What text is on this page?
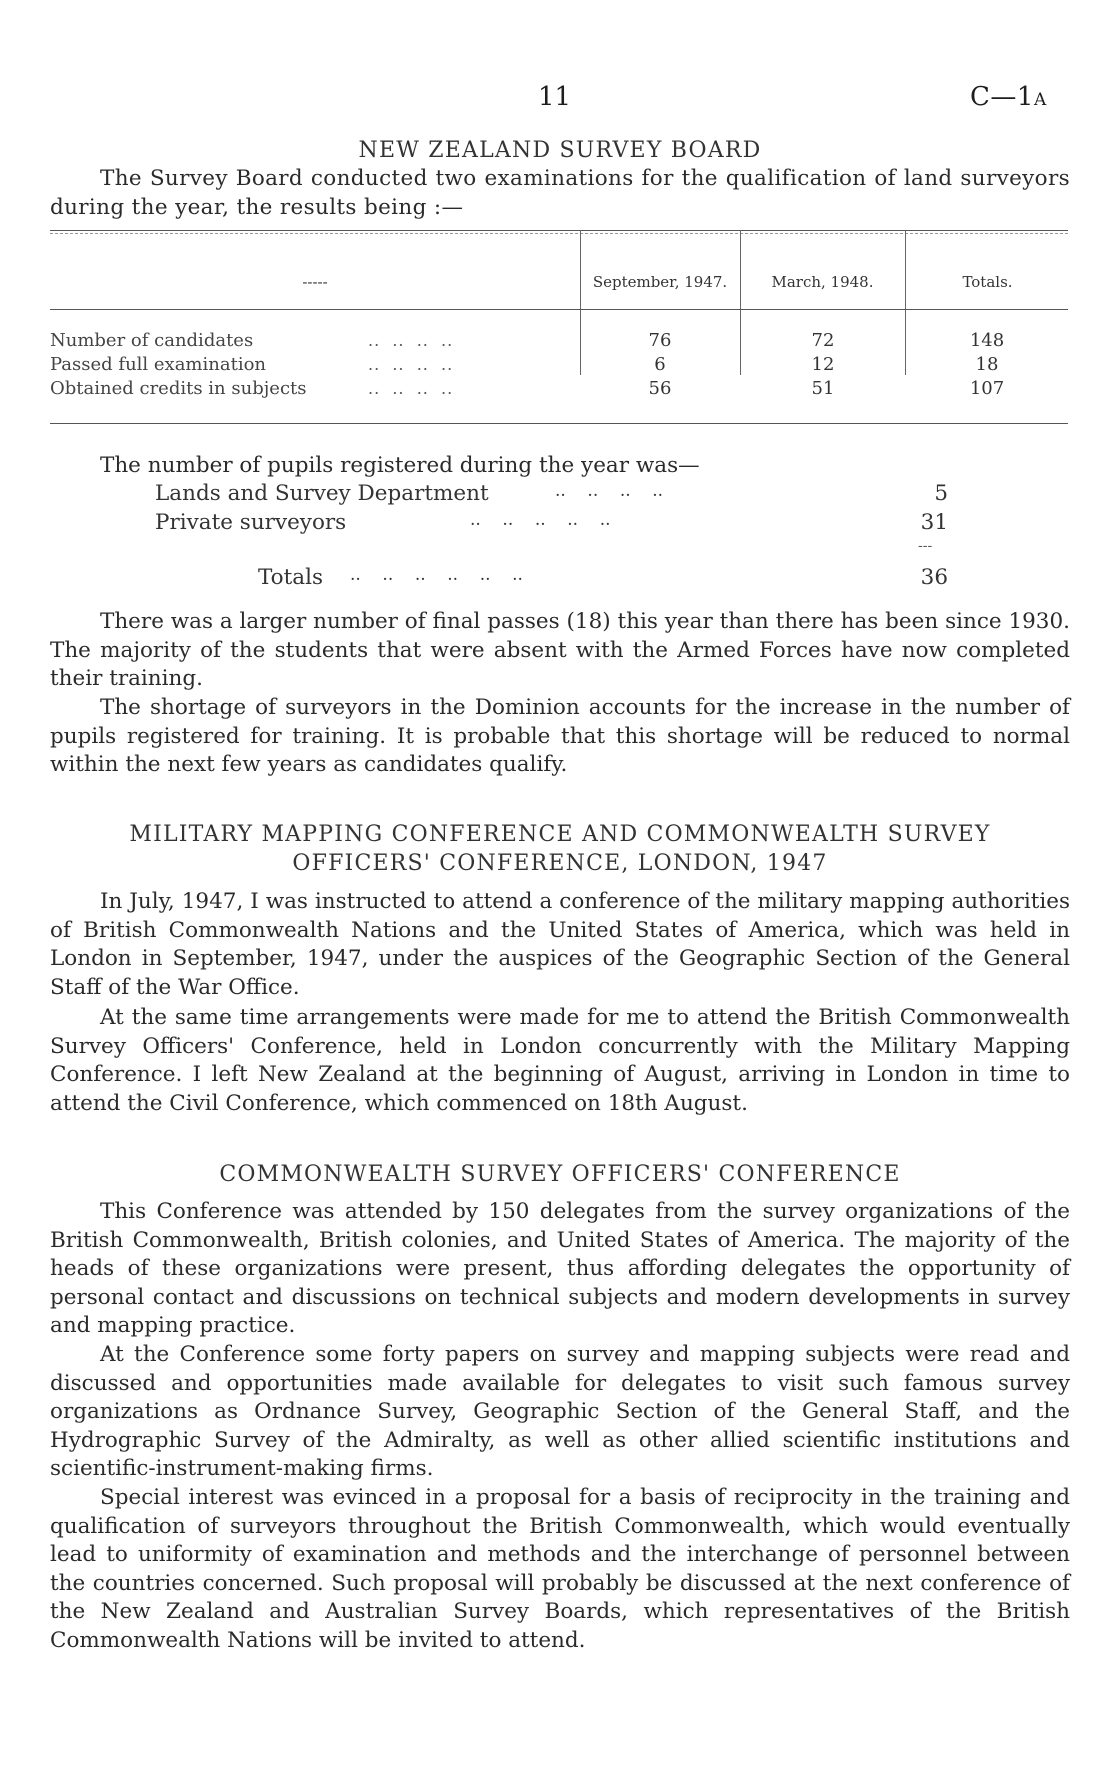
11	C—1A
NEW ZEALAND SURVEY BOARD

The Survey Board conducted two examinations for the qualification of land surveyors during the year, the results being :—

-----	September, 1947.	March, 1948.	Totals.
Number of candidates	..  ..  ..  ..	76	72	148
Passed full examination	..  ..  ..  ..	6	12	18
Obtained credits in subjects	..  ..  ..  ..	56	51	107

The number of pupils registered during the year was—

Lands and Survey Department	..    ..    ..    ..	5
Private surveyors	..    ..    ..    ..    ..	31
---
Totals ..    ..    ..    ..    ..    ..	36

There was a larger number of final passes (18) this year than there has been since 1930. The majority of the students that were absent with the Armed Forces have now completed their training.

The shortage of surveyors in the Dominion accounts for the increase in the number of pupils registered for training. It is probable that this shortage will be reduced to normal within the next few years as candidates qualify.

MILITARY MAPPING CONFERENCE AND COMMONWEALTH SURVEY
OFFICERS' CONFERENCE, LONDON, 1947

In July, 1947, I was instructed to attend a conference of the military mapping authorities of British Commonwealth Nations and the United States of America, which was held in London in September, 1947, under the auspices of the Geographic Section of the General Staff of the War Office.

At the same time arrangements were made for me to attend the British Commonwealth Survey Officers' Conference, held in London concurrently with the Military Mapping Conference. I left New Zealand at the beginning of August, arriving in London in time to attend the Civil Conference, which commenced on 18th August.

COMMONWEALTH SURVEY OFFICERS' CONFERENCE

This Conference was attended by 150 delegates from the survey organizations of the British Commonwealth, British colonies, and United States of America. The majority of the heads of these organizations were present, thus affording delegates the opportunity of personal contact and discussions on technical subjects and modern developments in survey and mapping practice.

At the Conference some forty papers on survey and mapping subjects were read and discussed and opportunities made available for delegates to visit such famous survey organizations as Ordnance Survey, Geographic Section of the General Staff, and the Hydrographic Survey of the Admiralty, as well as other allied scientific institutions and scientific-instrument-making firms.

Special interest was evinced in a proposal for a basis of reciprocity in the training and qualification of surveyors throughout the British Commonwealth, which would eventually lead to uniformity of examination and methods and the interchange of personnel between the countries concerned. Such proposal will probably be discussed at the next conference of the New Zealand and Australian Survey Boards, which representatives of the British Commonwealth Nations will be invited to attend.
